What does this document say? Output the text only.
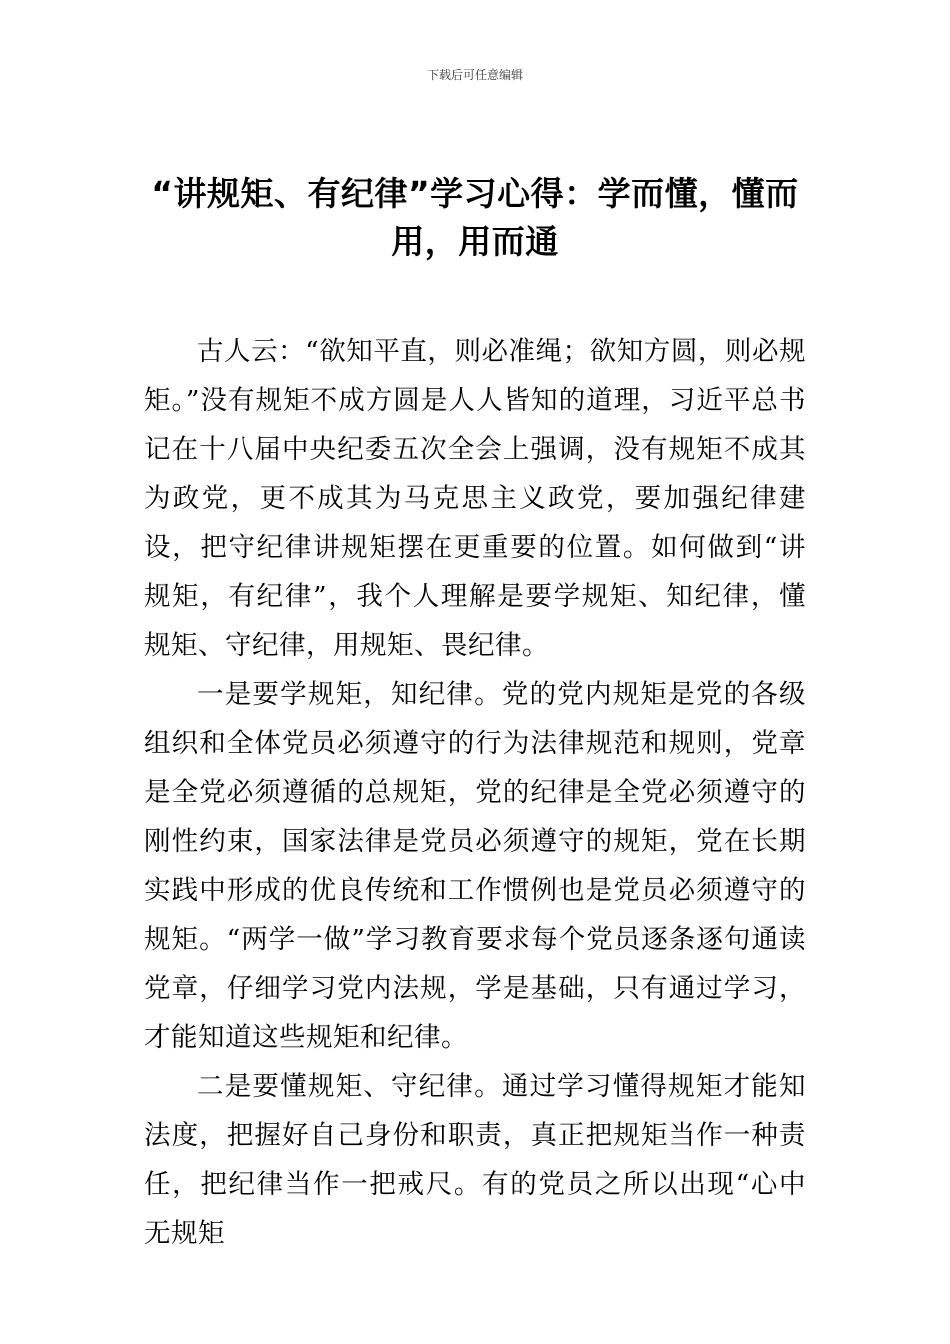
下载后可任意编辑
“讲规矩、有纪律”学习心得：学而懂，懂而用，用而通

古人云：“欲知平直，则必准绳；欲知方圆，则必规矩。”没有规矩不成方圆是人人皆知的道理，习近平总书记在十八届中央纪委五次全会上强调，没有规矩不成其为政党，更不成其为马克思主义政党，要加强纪律建设，把守纪律讲规矩摆在更重要的位置。如何做到“讲规矩，有纪律”，我个人理解是要学规矩、知纪律，懂规矩、守纪律，用规矩、畏纪律。

一是要学规矩，知纪律。党的党内规矩是党的各级组织和全体党员必须遵守的行为法律规范和规则，党章是全党必须遵循的总规矩，党的纪律是全党必须遵守的刚性约束，国家法律是党员必须遵守的规矩，党在长期实践中形成的优良传统和工作惯例也是党员必须遵守的规矩。“两学一做”学习教育要求每个党员逐条逐句通读党章，仔细学习党内法规，学是基础，只有通过学习，才能知道这些规矩和纪律。

二是要懂规矩、守纪律。通过学习懂得规矩才能知法度，把握好自己身份和职责，真正把规矩当作一种责任，把纪律当作一把戒尺。有的党员之所以出现“心中无规矩
